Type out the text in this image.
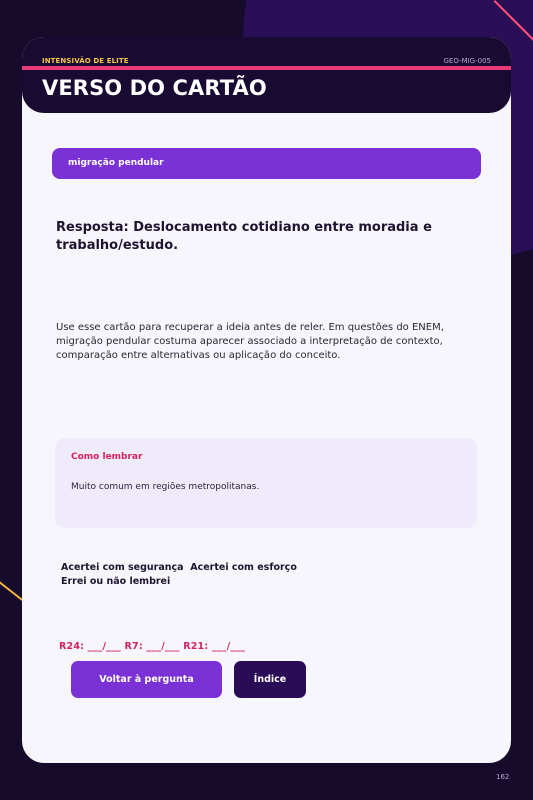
INTENSIVÃO DE ELITE	GEO-MIG-005
VERSO DO CARTÃO
migração pendular
Resposta: Deslocamento cotidiano entre moradia e trabalho/estudo.
Use esse cartão para recuperar a ideia antes de reler. Em questões do ENEM, migração pendular costuma aparecer associado a interpretação de contexto, comparação entre alternativas ou aplicação do conceito.
Como lembrar
Muito comum em regiões metropolitanas.
Acertei com segurança Acertei com esforço
Errei ou não lembrei
R24: ___/___ R7: ___/___ R21: ___/___
Voltar à pergunta	Índice
162
